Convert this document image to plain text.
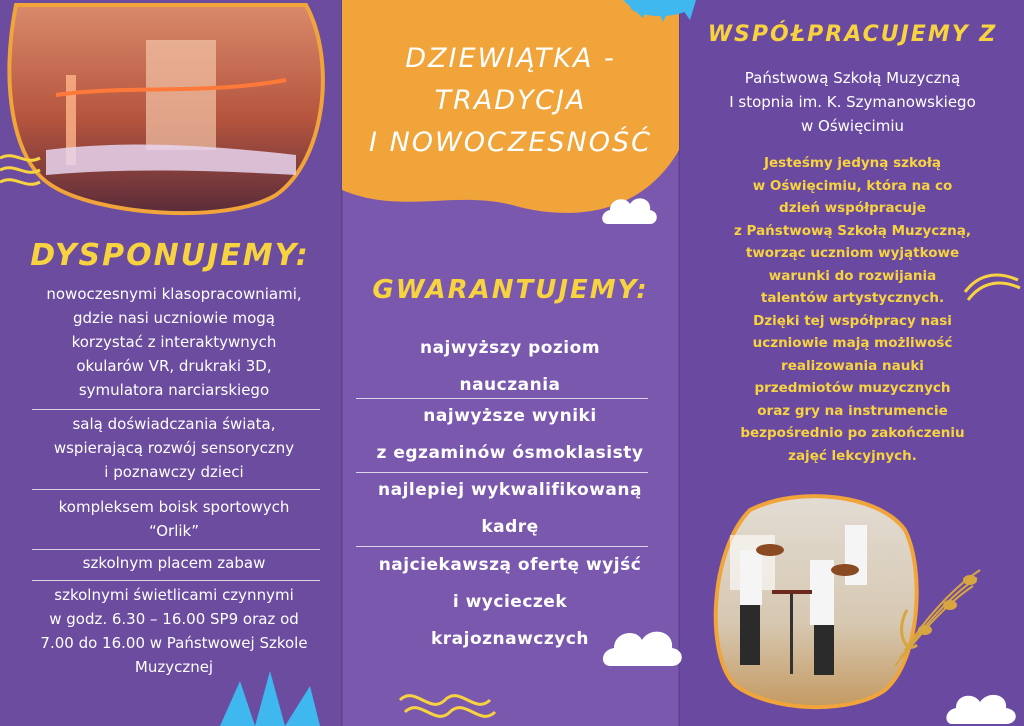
DYSPONUJEMY:
nowoczesnymi klasopracowniami,
gdzie nasi uczniowie mogą
korzystać z interaktywnych
okularów VR, drukraki 3D,
symulatora narciarskiego
salą doświadczania świata,
wspierającą rozwój sensoryczny
i poznawczy dzieci
kompleksem boisk sportowych
“Orlik”
szkolnym placem zabaw
szkolnymi świetlicami czynnymi
w godz. 6.30 – 16.00 SP9 oraz od
7.00 do 16.00 w Państwowej Szkole
Muzycznej
DZIEWIĄTKA -
TRADYCJA
I NOWOCZESNOŚĆ
GWARANTUJEMY:
najwyższy poziom
nauczania
najwyższe wyniki
z egzaminów ósmoklasisty
najlepiej wykwalifikowaną
kadrę
najciekawszą ofertę wyjść
i wycieczek
krajoznawczych
WSPÓŁPRACUJEMY Z
Państwową Szkołą Muzyczną
I stopnia im. K. Szymanowskiego
w Oświęcimiu
Jesteśmy jedyną szkołą
w Oświęcimiu, która na co
dzień współpracuje
z Państwową Szkołą Muzyczną,
tworząc uczniom wyjątkowe
warunki do rozwijania
talentów artystycznych.
Dzięki tej współpracy nasi
uczniowie mają możliwość
realizowania nauki
przedmiotów muzycznych
oraz gry na instrumencie
bezpośrednio po zakończeniu
zajęć lekcyjnych.
